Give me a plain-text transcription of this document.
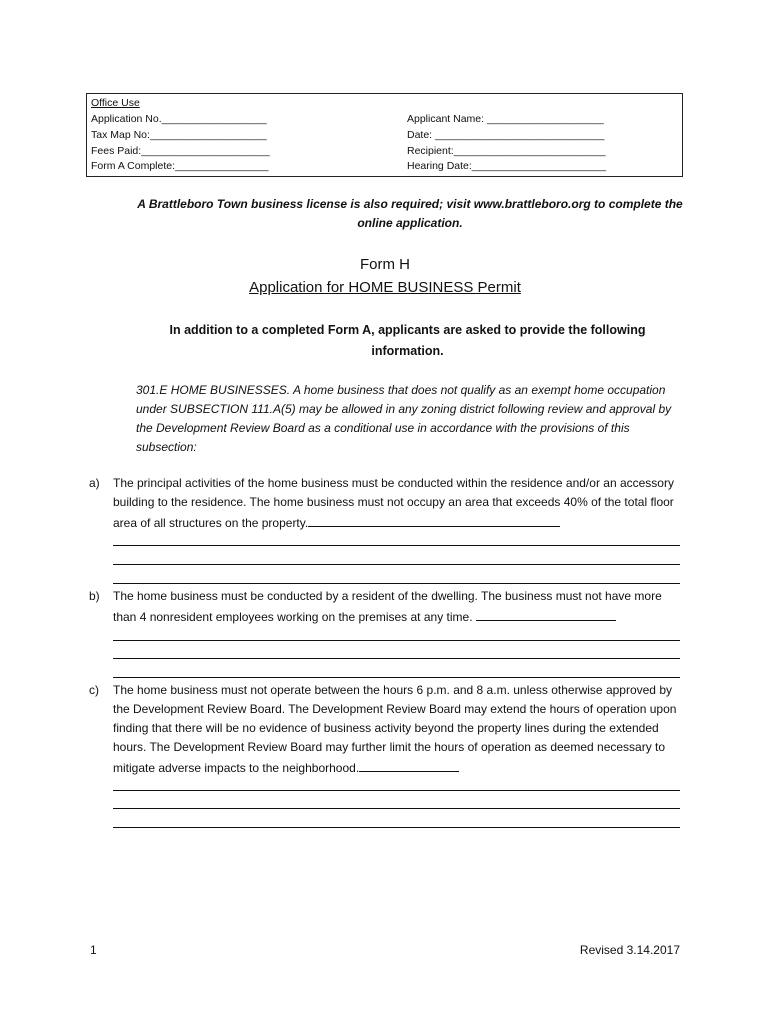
Office Use
Application No.__________________
Tax Map No:____________________
Fees Paid:______________________
Form A Complete:________________
Applicant Name: ____________________
Date: _____________________________
Recipient:__________________________
Hearing Date:_______________________
A Brattleboro Town business license is also required; visit www.brattleboro.org to complete the online application.
Form H
Application for HOME BUSINESS Permit
In addition to a completed Form A, applicants are asked to provide the following information.
301.E HOME BUSINESSES. A home business that does not qualify as an exempt home occupation under SUBSECTION 111.A(5) may be allowed in any zoning district following review and approval by the Development Review Board as a conditional use in accordance with the provisions of this subsection:
a) The principal activities of the home business must be conducted within the residence and/or an accessory building to the residence. The home business must not occupy an area that exceeds 40% of the total floor area of all structures on the property.
b) The home business must be conducted by a resident of the dwelling. The business must not have more than 4 nonresident employees working on the premises at any time.
c) The home business must not operate between the hours 6 p.m. and 8 a.m. unless otherwise approved by the Development Review Board. The Development Review Board may extend the hours of operation upon finding that there will be no evidence of business activity beyond the property lines during the extended hours. The Development Review Board may further limit the hours of operation as deemed necessary to mitigate adverse impacts to the neighborhood.
1	Revised 3.14.2017
